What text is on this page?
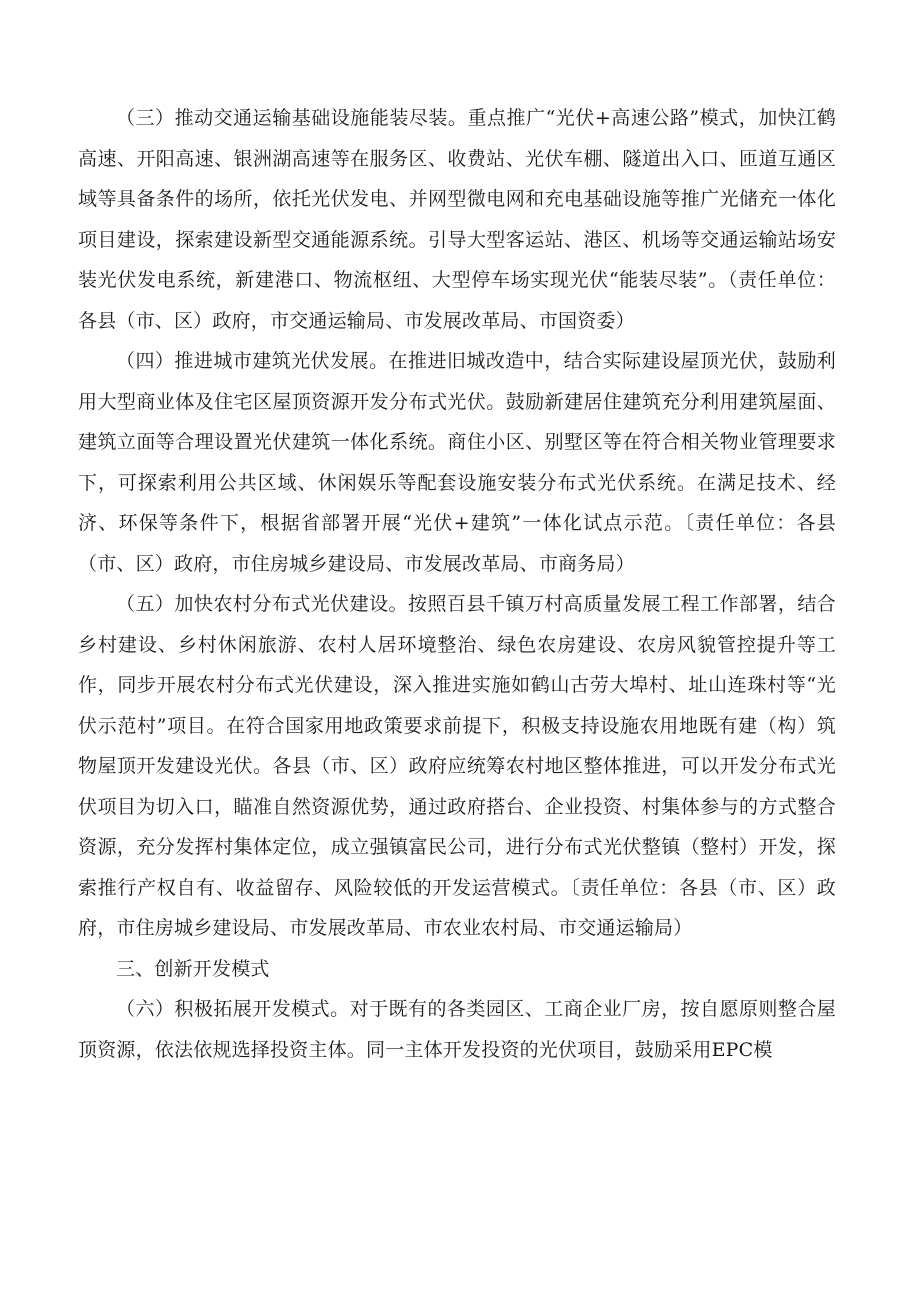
（三）推动交通运输基础设施能装尽装。重点推广“光伏+高速公路”模式，加快江鹤高速、开阳高速、银洲湖高速等在服务区、收费站、光伏车棚、隧道出入口、匝道互通区域等具备条件的场所，依托光伏发电、并网型微电网和充电基础设施等推广光储充一体化项目建设，探索建设新型交通能源系统。引导大型客运站、港区、机场等交通运输站场安装光伏发电系统，新建港口、物流枢纽、大型停车场实现光伏“能装尽装”。（责任单位：各县（市、区）政府，市交通运输局、市发展改革局、市国资委）

（四）推进城市建筑光伏发展。在推进旧城改造中，结合实际建设屋顶光伏，鼓励利用大型商业体及住宅区屋顶资源开发分布式光伏。鼓励新建居住建筑充分利用建筑屋面、建筑立面等合理设置光伏建筑一体化系统。商住小区、别墅区等在符合相关物业管理要求下，可探索利用公共区域、休闲娱乐等配套设施安装分布式光伏系统。在满足技术、经济、环保等条件下，根据省部署开展“光伏+建筑”一体化试点示范。〔责任单位：各县（市、区）政府，市住房城乡建设局、市发展改革局、市商务局）

（五）加快农村分布式光伏建设。按照百县千镇万村高质量发展工程工作部署，结合乡村建设、乡村休闲旅游、农村人居环境整治、绿色农房建设、农房风貌管控提升等工作，同步开展农村分布式光伏建设，深入推进实施如鹤山古劳大埠村、址山连珠村等“光伏示范村”项目。在符合国家用地政策要求前提下，积极支持设施农用地既有建（构）筑物屋顶开发建设光伏。各县（市、区）政府应统筹农村地区整体推进，可以开发分布式光伏项目为切入口，瞄准自然资源优势，通过政府搭台、企业投资、村集体参与的方式整合资源，充分发挥村集体定位，成立强镇富民公司，进行分布式光伏整镇（整村）开发，探索推行产权自有、收益留存、风险较低的开发运营模式。〔责任单位：各县（市、区）政府，市住房城乡建设局、市发展改革局、市农业农村局、市交通运输局）

三、创新开发模式

（六）积极拓展开发模式。对于既有的各类园区、工商企业厂房，按自愿原则整合屋顶资源，依法依规选择投资主体。同一主体开发投资的光伏项目，鼓励采用EPC模
